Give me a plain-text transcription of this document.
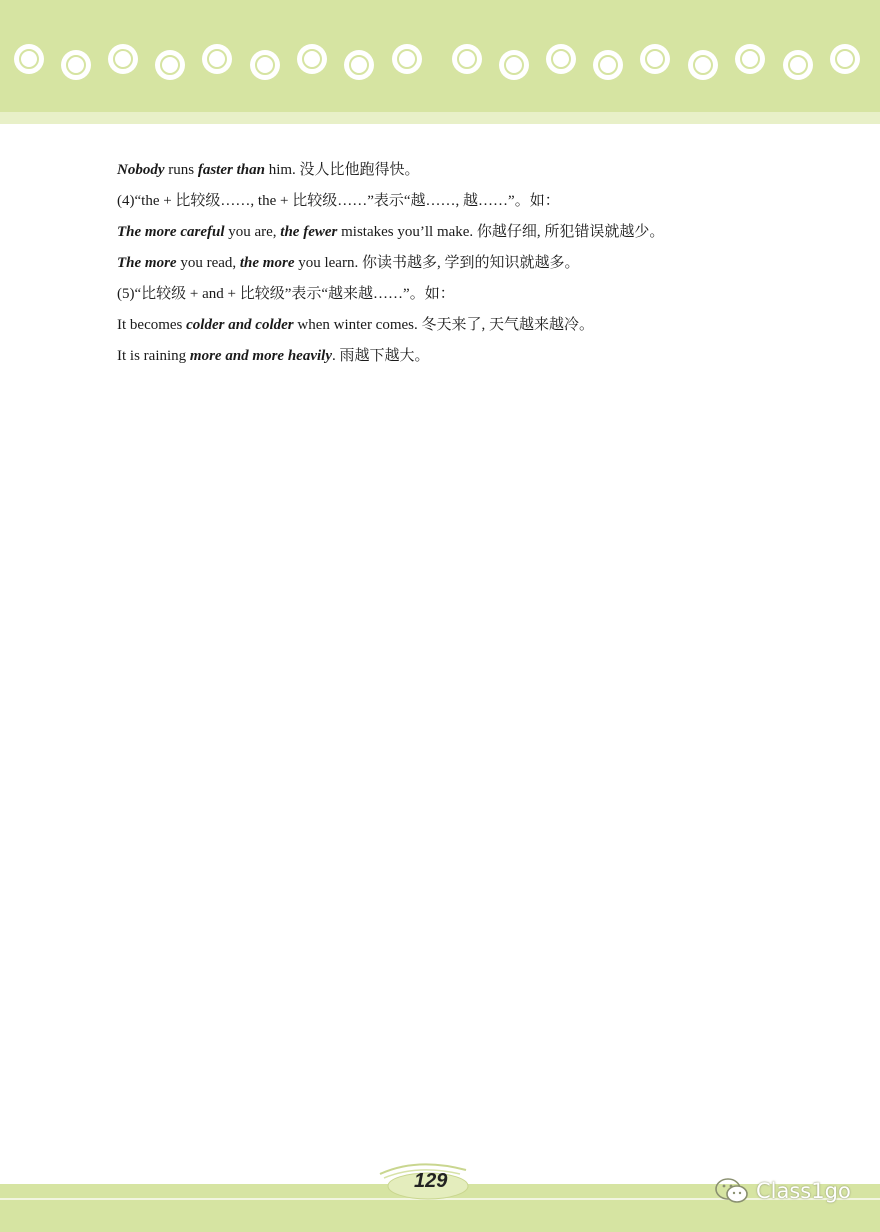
Nobody runs faster than him. 没人比他跑得快。
(4)“the + 比较级……, the + 比较级……”表示“越……, 越……”。如：
The more careful you are, the fewer mistakes you’ll make. 你越仔细, 所犯错误就越少。
The more you read, the more you learn. 你读书越多, 学到的知识就越多。
(5)“比较级 + and + 比较级”表示“越来越……”。如：
It becomes colder and colder when winter comes. 冬天来了, 天气越来越冷。
It is raining more and more heavily. 雨越下越大。
129	Class1go
